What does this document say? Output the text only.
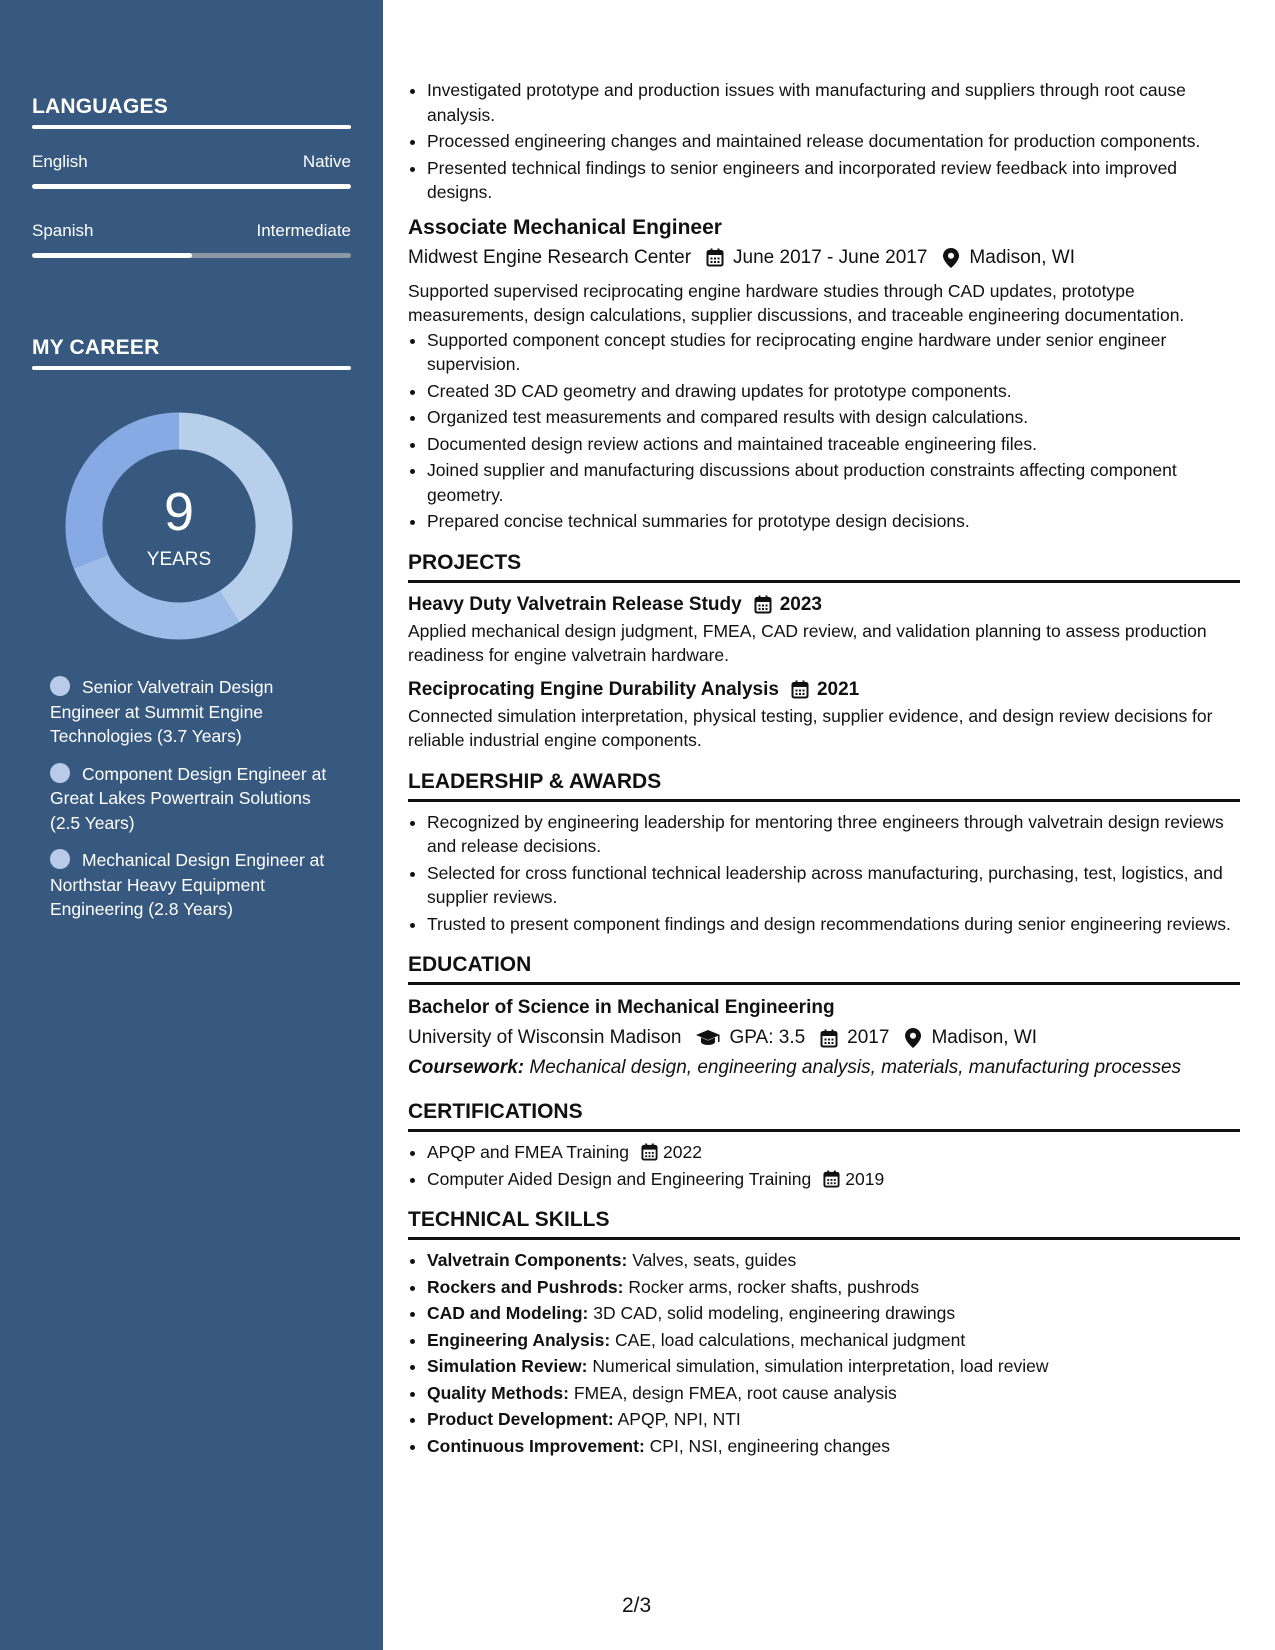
LANGUAGES
English	Native
Spanish	Intermediate
MY CAREER
9
YEARS
Senior Valvetrain Design Engineer at Summit Engine Technologies (3.7 Years)
Component Design Engineer at Great Lakes Powertrain Solutions (2.5 Years)
Mechanical Design Engineer at Northstar Heavy Equipment Engineering (2.8 Years)
• Investigated prototype and production issues with manufacturing and suppliers through root cause analysis.
• Processed engineering changes and maintained release documentation for production components.
• Presented technical findings to senior engineers and incorporated review feedback into improved designs.
Associate Mechanical Engineer
Midwest Engine Research Center June 2017 - June 2017 Madison, WI
Supported supervised reciprocating engine hardware studies through CAD updates, prototype measurements, design calculations, supplier discussions, and traceable engineering documentation.
• Supported component concept studies for reciprocating engine hardware under senior engineer supervision.
• Created 3D CAD geometry and drawing updates for prototype components.
• Organized test measurements and compared results with design calculations.
• Documented design review actions and maintained traceable engineering files.
• Joined supplier and manufacturing discussions about production constraints affecting component geometry.
• Prepared concise technical summaries for prototype design decisions.
PROJECTS
Heavy Duty Valvetrain Release Study 2023
Applied mechanical design judgment, FMEA, CAD review, and validation planning to assess production readiness for engine valvetrain hardware.
Reciprocating Engine Durability Analysis 2021
Connected simulation interpretation, physical testing, supplier evidence, and design review decisions for reliable industrial engine components.
LEADERSHIP & AWARDS
• Recognized by engineering leadership for mentoring three engineers through valvetrain design reviews and release decisions.
• Selected for cross functional technical leadership across manufacturing, purchasing, test, logistics, and supplier reviews.
• Trusted to present component findings and design recommendations during senior engineering reviews.
EDUCATION
Bachelor of Science in Mechanical Engineering
University of Wisconsin Madison	GPA: 3.5 2017 Madison, WI
Coursework: Mechanical design, engineering analysis, materials, manufacturing processes
CERTIFICATIONS
• APQP and FMEA Training 2022
• Computer Aided Design and Engineering Training 2019
TECHNICAL SKILLS
• Valvetrain Components: Valves, seats, guides
• Rockers and Pushrods: Rocker arms, rocker shafts, pushrods
• CAD and Modeling: 3D CAD, solid modeling, engineering drawings
• Engineering Analysis: CAE, load calculations, mechanical judgment
• Simulation Review: Numerical simulation, simulation interpretation, load review
• Quality Methods: FMEA, design FMEA, root cause analysis
• Product Development: APQP, NPI, NTI
• Continuous Improvement: CPI, NSI, engineering changes
2/3
